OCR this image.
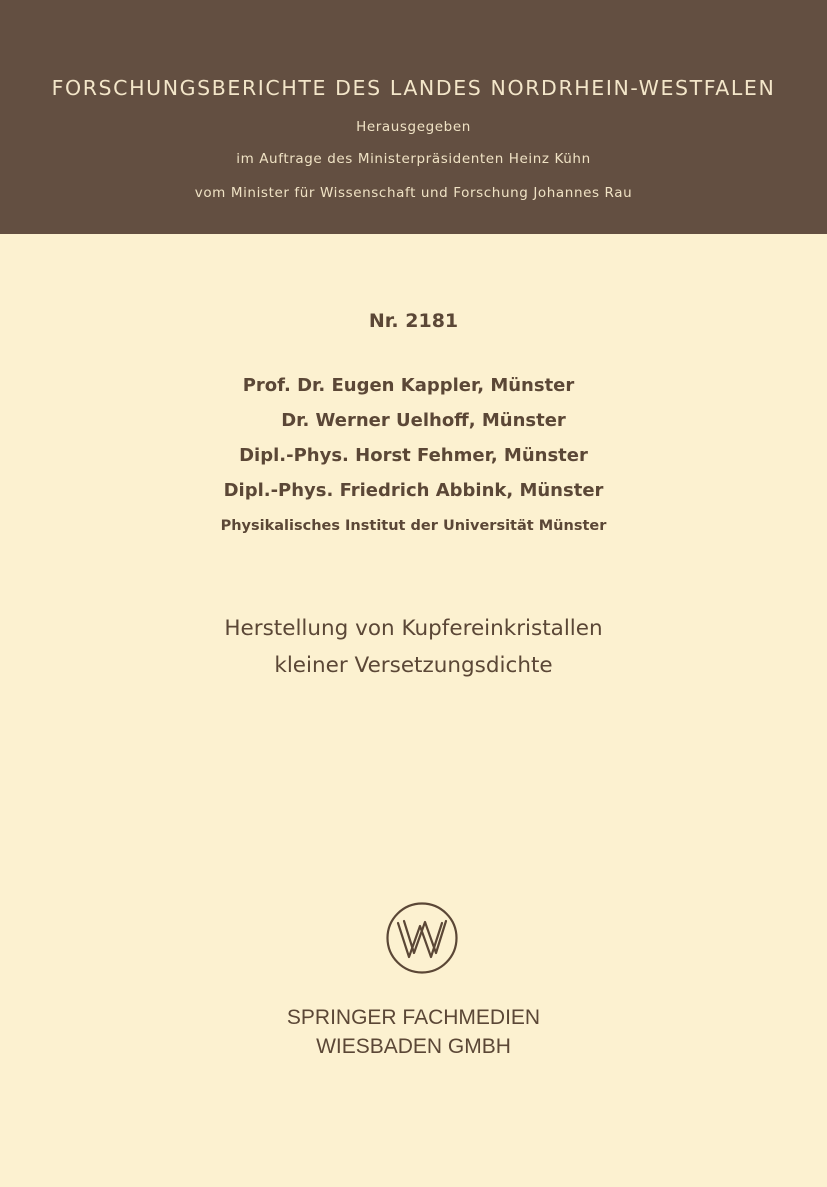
FORSCHUNGSBERICHTE DES LANDES NORDRHEIN-WESTFALEN
Herausgegeben
im Auftrage des Ministerpräsidenten Heinz Kühn
vom Minister für Wissenschaft und Forschung Johannes Rau
Nr. 2181
Prof. Dr. Eugen Kappler, Münster
Dr. Werner Uelhoff, Münster
Dipl.-Phys. Horst Fehmer, Münster
Dipl.-Phys. Friedrich Abbink, Münster
Physikalisches Institut der Universität Münster
Herstellung von Kupfereinkristallen
kleiner Versetzungsdichte
SPRINGER FACHMEDIEN
WIESBADEN GMBH
